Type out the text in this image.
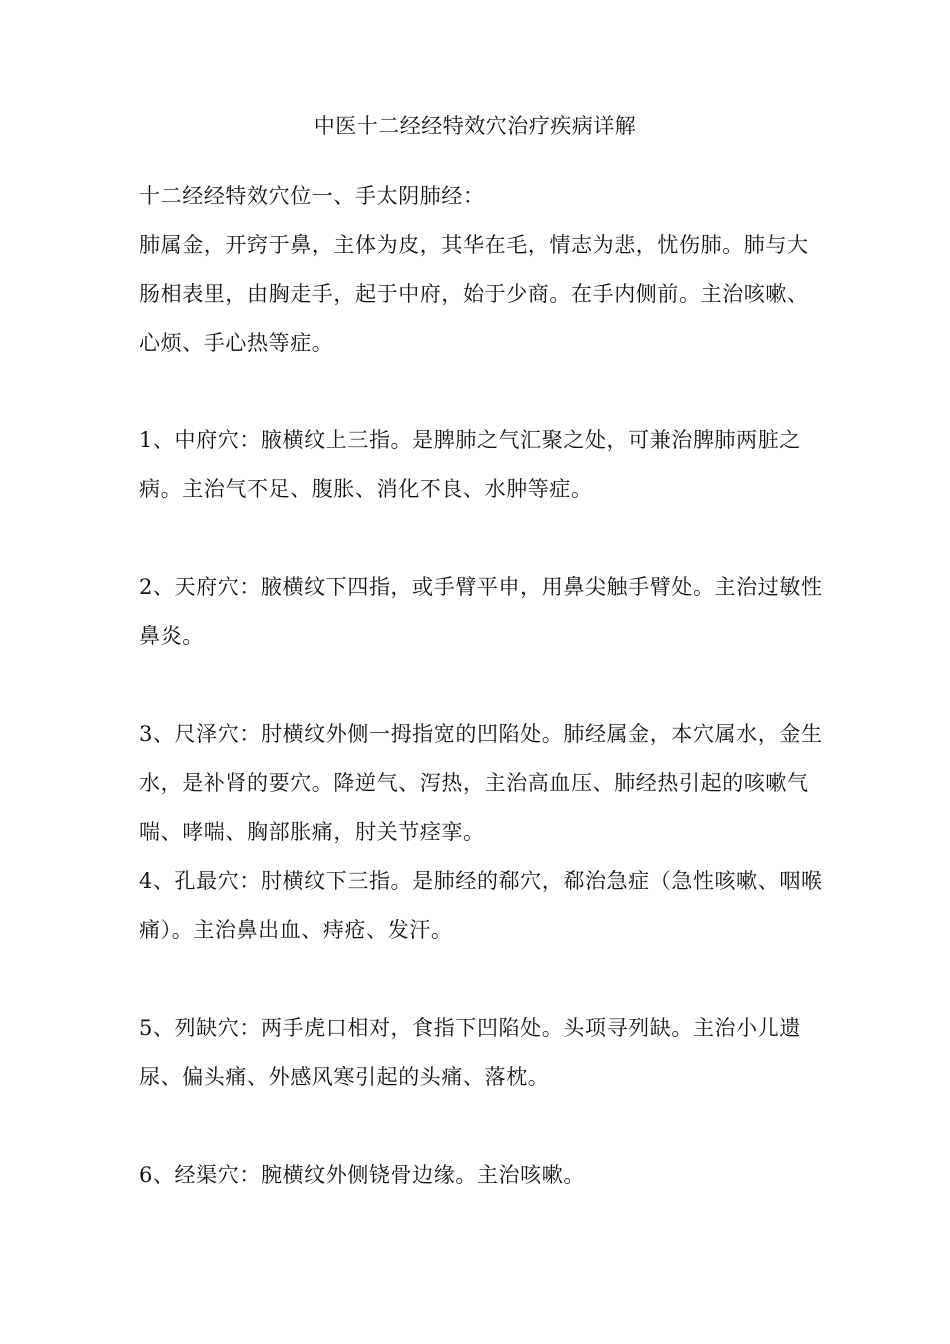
中医十二经经特效穴治疗疾病详解

十二经经特效穴位一、手太阴肺经：

肺属金，开窍于鼻，主体为皮，其华在毛，情志为悲，忧伤肺。肺与大肠相表里，由胸走手，起于中府，始于少商。在手内侧前。主治咳嗽、心烦、手心热等症。

1、中府穴：腋横纹上三指。是脾肺之气汇聚之处，可兼治脾肺两脏之病。主治气不足、腹胀、消化不良、水肿等症。

2、天府穴：腋横纹下四指，或手臂平申，用鼻尖触手臂处。主治过敏性鼻炎。

3、尺泽穴：肘横纹外侧一拇指宽的凹陷处。肺经属金，本穴属水，金生水，是补肾的要穴。降逆气、泻热，主治高血压、肺经热引起的咳嗽气喘、哮喘、胸部胀痛，肘关节痉挛。

4、孔最穴：肘横纹下三指。是肺经的郗穴，郗治急症（急性咳嗽、咽喉痛）。主治鼻出血、痔疮、发汗。

5、列缺穴：两手虎口相对，食指下凹陷处。头项寻列缺。主治小儿遗尿、偏头痛、外感风寒引起的头痛、落枕。

6、经渠穴：腕横纹外侧铙骨边缘。主治咳嗽。
